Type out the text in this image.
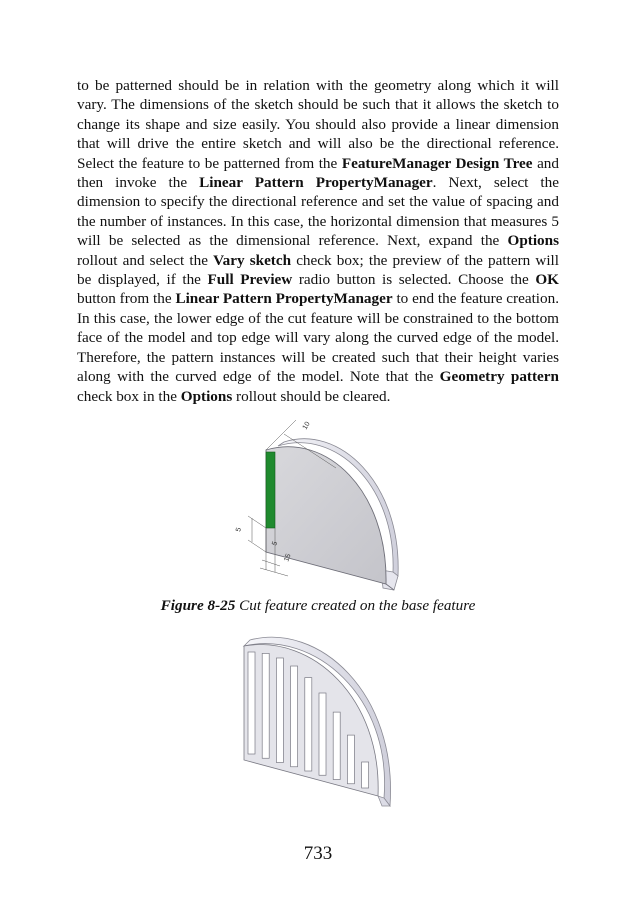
to be patterned should be in relation with the geometry along which it will vary. The dimensions of the sketch should be such that it allows the sketch to change its shape and size easily. You should also provide a linear dimension that will drive the entire sketch and will also be the directional reference. Select the feature to be patterned from the FeatureManager Design Tree and then invoke the Linear Pattern PropertyManager. Next, select the dimension to specify the directional reference and set the value of spacing and the number of instances. In this case, the horizontal dimension that measures 5 will be selected as the dimensional reference. Next, expand the Options rollout and select the Vary sketch check box; the preview of the pattern will be displayed, if the Full Preview radio button is selected. Choose the OK button from the Linear Pattern PropertyManager to end the feature creation. In this case, the lower edge of the cut feature will be constrained to the bottom face of the model and top edge will vary along the curved edge of the model. Therefore, the pattern instances will be created such that their height varies along with the curved edge of the model. Note that the Geometry pattern check box in the Options rollout should be cleared.
10
5
5
15
Figure 8-25 Cut feature created on the base feature
733
